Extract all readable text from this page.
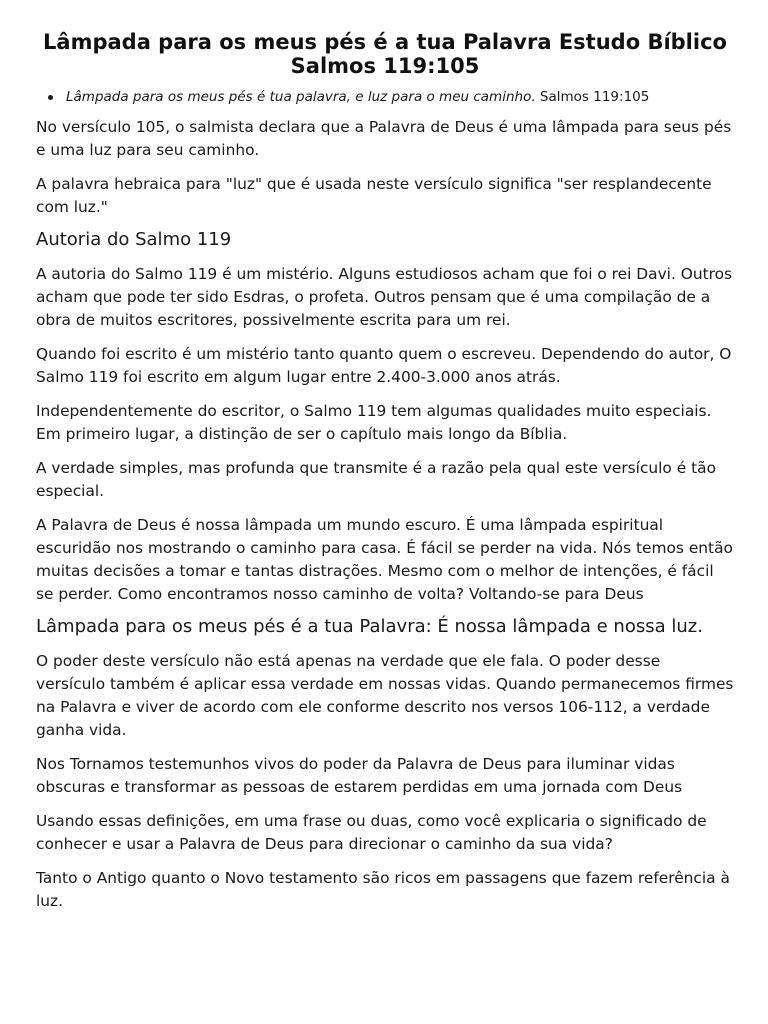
Lâmpada para os meus pés é a tua Palavra Estudo Bíblico Salmos 119:105
Lâmpada para os meus pés é tua palavra, e luz para o meu caminho. Salmos 119:105

No versículo 105, o salmista declara que a Palavra de Deus é uma lâmpada para seus pés e uma luz para seu caminho.

A palavra hebraica para "luz" que é usada neste versículo significa "ser resplandecente com luz."

Autoria do Salmo 119

A autoria do Salmo 119 é um mistério. Alguns estudiosos acham que foi o rei Davi. Outros acham que pode ter sido Esdras, o profeta. Outros pensam que é uma compilação de a obra de muitos escritores, possivelmente escrita para um rei.

Quando foi escrito é um mistério tanto quanto quem o escreveu. Dependendo do autor, O Salmo 119 foi escrito em algum lugar entre 2.400-3.000 anos atrás.

Independentemente do escritor, o Salmo 119 tem algumas qualidades muito especiais. Em primeiro lugar, a distinção de ser o capítulo mais longo da Bíblia.

A verdade simples, mas profunda que transmite é a razão pela qual este versículo é tão especial.

A Palavra de Deus é nossa lâmpada um mundo escuro. É uma lâmpada espiritual escuridão nos mostrando o caminho para casa. É fácil se perder na vida. Nós temos então muitas decisões a tomar e tantas distrações. Mesmo com o melhor de intenções, é fácil se perder. Como encontramos nosso caminho de volta? Voltando-se para Deus

Lâmpada para os meus pés é a tua Palavra: É nossa lâmpada e nossa luz.

O poder deste versículo não está apenas na verdade que ele fala. O poder desse versículo também é aplicar essa verdade em nossas vidas. Quando permanecemos firmes na Palavra e viver de acordo com ele conforme descrito nos versos 106-112, a verdade ganha vida.

Nos Tornamos testemunhos vivos do poder da Palavra de Deus para iluminar vidas obscuras e transformar as pessoas de estarem perdidas em uma jornada com Deus

Usando essas definições, em uma frase ou duas, como você explicaria o significado de conhecer e usar a Palavra de Deus para direcionar o caminho da sua vida?

Tanto o Antigo quanto o Novo testamento são ricos em passagens que fazem referência à luz.
